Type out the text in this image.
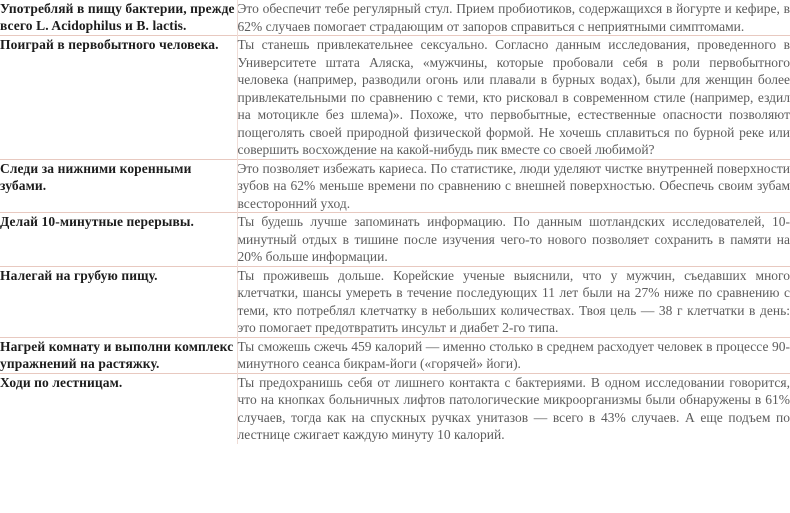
Употребляй в пищу бактерии, прежде всего L. Acidophilus и B. lactis.	Это обеспечит тебе регулярный стул. Прием пробиотиков, содержащихся в йогурте и кефире, в 62% случаев помогает страдающим от запоров справиться с неприятными симптомами.

Поиграй в первобытного человека.	Ты станешь привлекательнее сексуально. Согласно данным исследования, проведенного в Университете штата Аляска, «мужчины, которые пробовали себя в роли первобытного человека (например, разводили огонь или плавали в бурных водах), были для женщин более привлекательными по сравнению с теми, кто рисковал в современном стиле (например, ездил на мотоцикле без шлема)». Похоже, что первобытные, естественные опасности позволяют пощеголять своей природной физической формой. Не хочешь сплавиться по бурной реке или совершить восхождение на какой-нибудь пик вместе со своей любимой?

Следи за нижними коренными зубами.	Это позволяет избежать кариеса. По статистике, люди уделяют чистке внутренней поверхности зубов на 62% меньше времени по сравнению с внешней поверхностью. Обеспечь своим зубам всесторонний уход.

Делай 10-минутные перерывы.	Ты будешь лучше запоминать информацию. По данным шотландских исследователей, 10-минутный отдых в тишине после изучения чего-то нового позволяет сохранить в памяти на 20% больше информации.

Налегай на грубую пищу.	Ты проживешь дольше. Корейские ученые выяснили, что у мужчин, съедавших много клетчатки, шансы умереть в течение последующих 11 лет были на 27% ниже по сравнению с теми, кто потреблял клетчатку в небольших количествах. Твоя цель — 38 г клетчатки в день: это помогает предотвратить инсульт и диабет 2-го типа.

Нагрей комнату и выполни комплекс упражнений на растяжку.	Ты сможешь сжечь 459 калорий — именно столько в среднем расходует человек в процессе 90-минутного сеанса бикрам-йоги («горячей» йоги).

Ходи по лестницам.	Ты предохранишь себя от лишнего контакта с бактериями. В одном исследовании говорится, что на кнопках больничных лифтов патологические микроорганизмы были обнаружены в 61% случаев, тогда как на спускных ручках унитазов — всего в 43% случаев. А еще подъем по лестнице сжигает каждую минуту 10 калорий.
